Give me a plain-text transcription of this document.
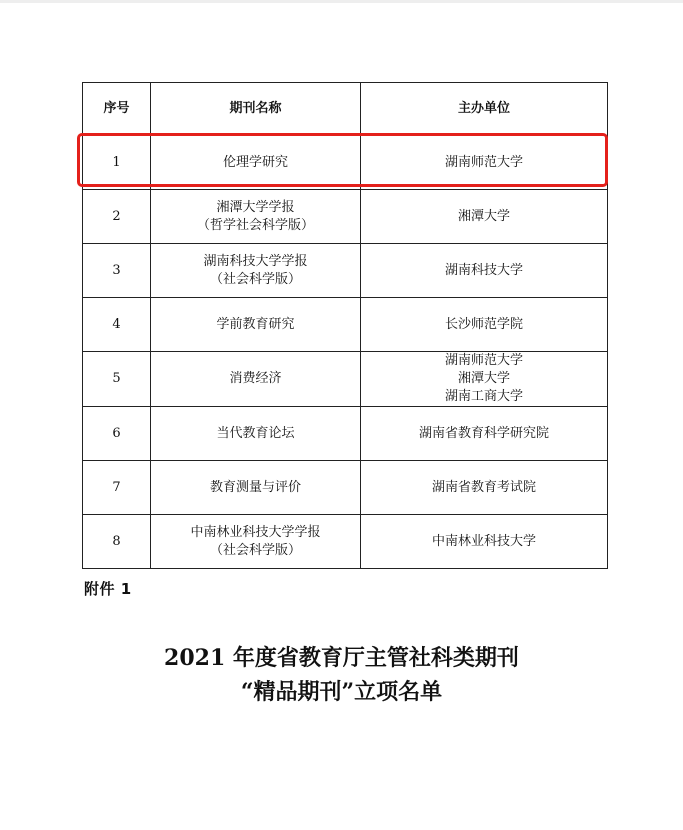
序号	期刊名称	主办单位
1	伦理学研究	湖南师范大学

2	湘潭大学学报
（哲学社会科学版）	湘潭大学

3	湖南科技大学学报
（社会科学版）	湖南科技大学

4	学前教育研究	长沙师范学院

5	消费经济	湖南师范大学
湘潭大学
湖南工商大学

6	当代教育论坛	湖南省教育科学研究院

7	教育测量与评价	湖南省教育考试院

8	中南林业科技大学学报
（社会科学版）	中南林业科技大学
附件 1
2021 年度省教育厅主管社科类期刊
“精品期刊”立项名单
